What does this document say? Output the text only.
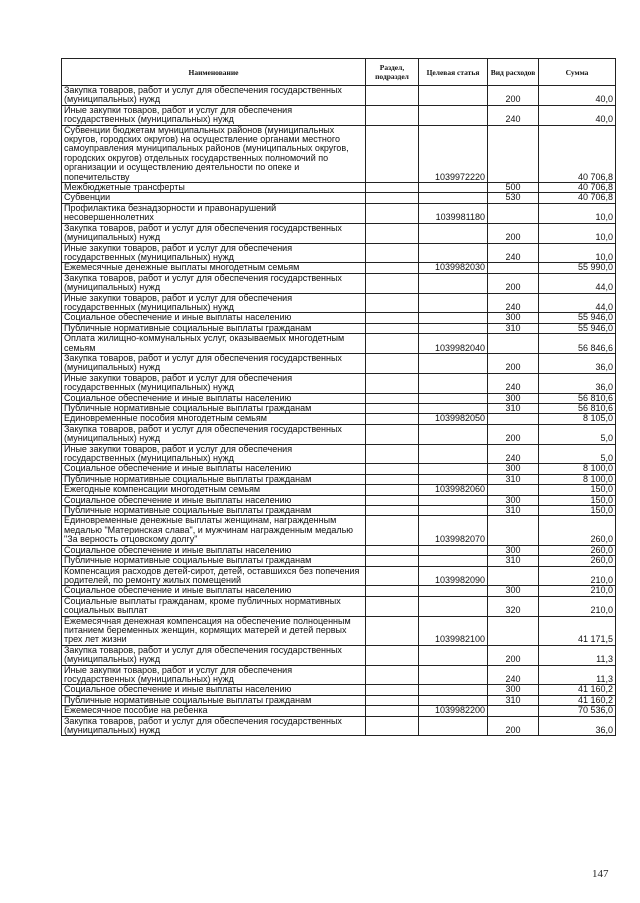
Наименование	Раздел, подраздел	Целевая статья	Вид расходов	Сумма
Закупка товаров, работ и услуг для обеспечения государственных (муниципальных) нужд			200	40,0
Иные закупки товаров, работ и услуг для обеспечения государственных (муниципальных) нужд			240	40,0
Субвенции бюджетам муниципальных районов (муниципальных округов, городских округов) на осуществление органами местного самоуправления муниципальных районов (муниципальных округов, городских округов) отдельных государственных полномочий по организации и осуществлению деятельности по опеке и попечительству		1039972220		40 706,8
Межбюджетные трансферты			500	40 706,8
Субвенции			530	40 706,8
Профилактика безнадзорности и правонарушений несовершеннолетних		1039981180		10,0
Закупка товаров, работ и услуг для обеспечения государственных (муниципальных) нужд			200	10,0
Иные закупки товаров, работ и услуг для обеспечения государственных (муниципальных) нужд			240	10,0
Ежемесячные денежные выплаты многодетным семьям		1039982030		55 990,0
Закупка товаров, работ и услуг для обеспечения государственных (муниципальных) нужд			200	44,0
Иные закупки товаров, работ и услуг для обеспечения государственных (муниципальных) нужд			240	44,0
Социальное обеспечение и иные выплаты населению			300	55 946,0
Публичные нормативные социальные выплаты гражданам			310	55 946,0
Оплата жилищно-коммунальных услуг, оказываемых многодетным семьям		1039982040		56 846,6
Закупка товаров, работ и услуг для обеспечения государственных (муниципальных) нужд			200	36,0
Иные закупки товаров, работ и услуг для обеспечения государственных (муниципальных) нужд			240	36,0
Социальное обеспечение и иные выплаты населению			300	56 810,6
Публичные нормативные социальные выплаты гражданам			310	56 810,6
Единовременные пособия многодетным семьям		1039982050		8 105,0
Закупка товаров, работ и услуг для обеспечения государственных (муниципальных) нужд			200	5,0
Иные закупки товаров, работ и услуг для обеспечения государственных (муниципальных) нужд			240	5,0
Социальное обеспечение и иные выплаты населению			300	8 100,0
Публичные нормативные социальные выплаты гражданам			310	8 100,0
Ежегодные компенсации многодетным семьям		1039982060		150,0
Социальное обеспечение и иные выплаты населению			300	150,0
Публичные нормативные социальные выплаты гражданам			310	150,0
Единовременные денежные выплаты женщинам, награжденным медалью "Материнская слава", и мужчинам награжденным медалью "За верность отцовскому долгу"		1039982070		260,0
Социальное обеспечение и иные выплаты населению			300	260,0
Публичные нормативные социальные выплаты гражданам			310	260,0
Компенсация расходов детей-сирот, детей, оставшихся без попечения родителей, по ремонту жилых помещений		1039982090		210,0
Социальное обеспечение и иные выплаты населению			300	210,0
Социальные выплаты гражданам, кроме публичных нормативных социальных выплат			320	210,0
Ежемесячная денежная компенсация на обеспечение полноценным питанием беременных женщин, кормящих матерей и детей первых трех лет жизни		1039982100		41 171,5
Закупка товаров, работ и услуг для обеспечения государственных (муниципальных) нужд			200	11,3
Иные закупки товаров, работ и услуг для обеспечения государственных (муниципальных) нужд			240	11,3
Социальное обеспечение и иные выплаты населению			300	41 160,2
Публичные нормативные социальные выплаты гражданам			310	41 160,2
Ежемесячное пособие на ребенка		1039982200		70 536,0
Закупка товаров, работ и услуг для обеспечения государственных (муниципальных) нужд			200	36,0
147
